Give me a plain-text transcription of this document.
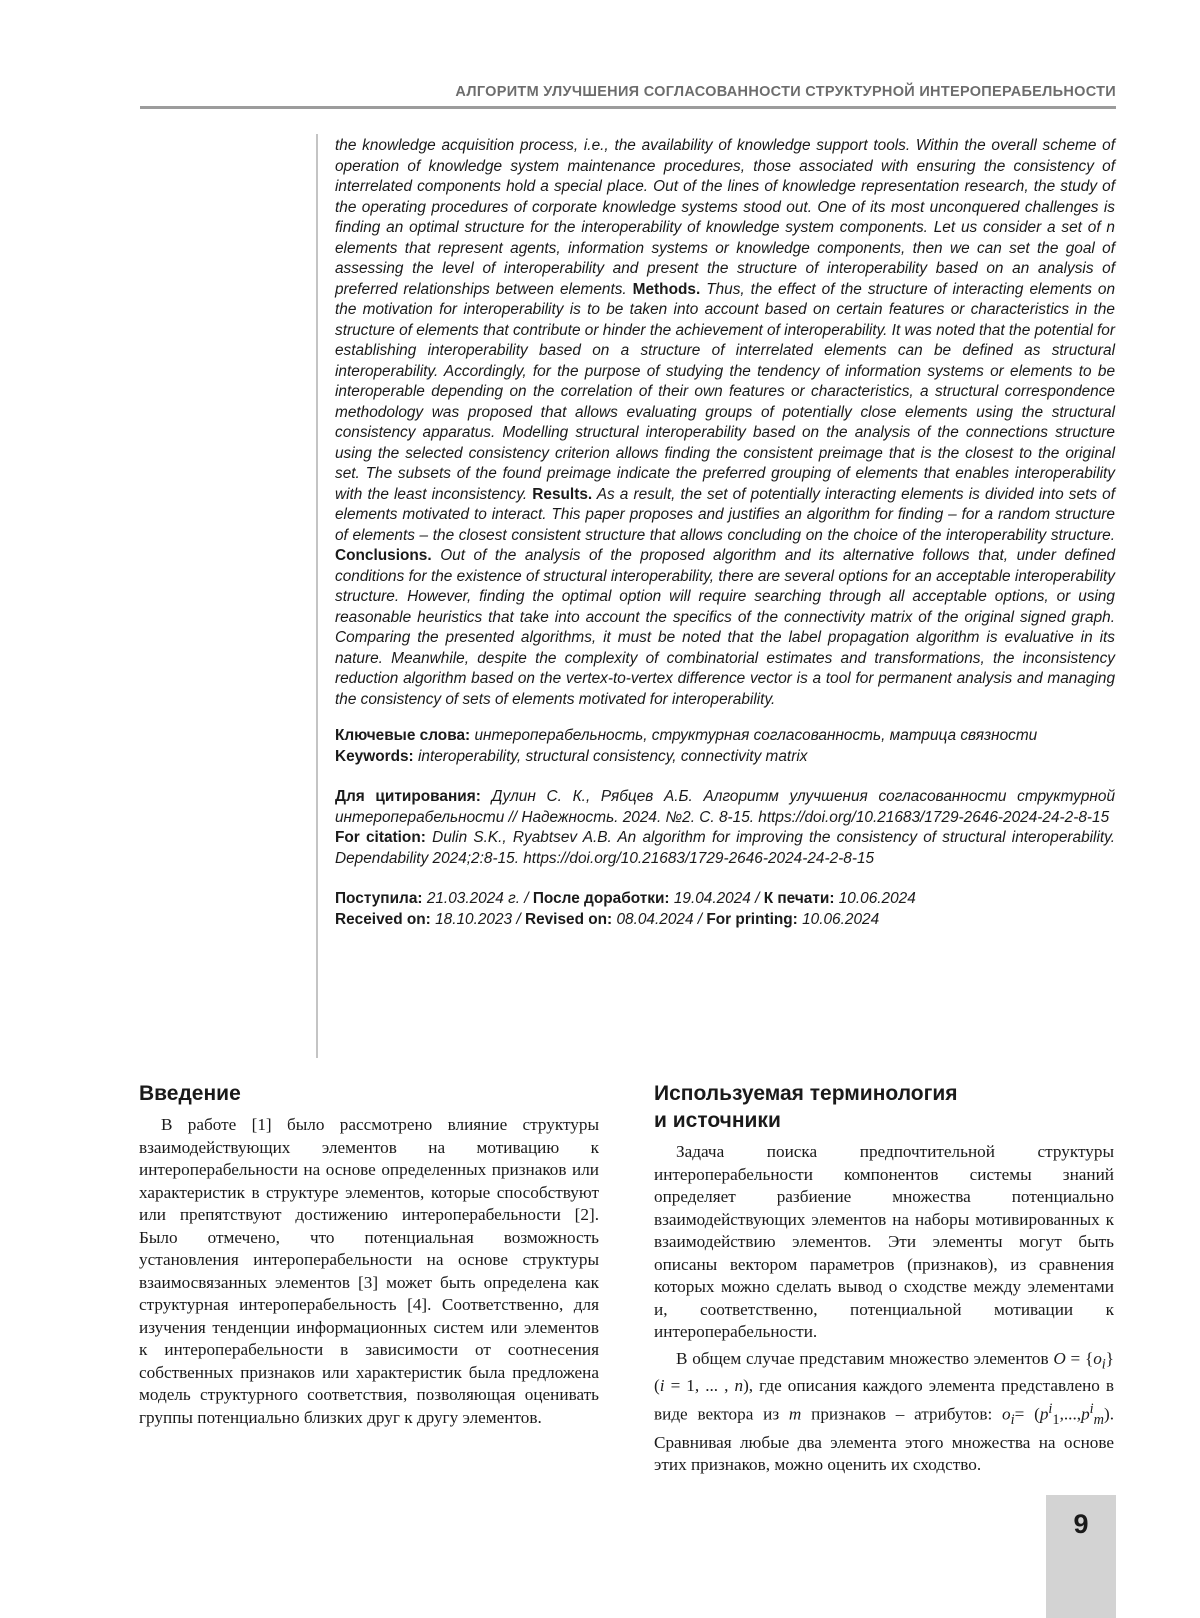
АЛГОРИТМ УЛУЧШЕНИЯ СОГЛАСОВАННОСТИ СТРУКТУРНОЙ ИНТЕРОПЕРАБЕЛЬНОСТИ

the knowledge acquisition process, i.e., the availability of knowledge support tools. Within the overall scheme of operation of knowledge system maintenance procedures, those associated with ensuring the consistency of interrelated components hold a special place. Out of the lines of knowledge representation research, the study of the operating procedures of corporate knowledge systems stood out. One of its most unconquered challenges is finding an optimal structure for the interoperability of knowledge system components. Let us consider a set of n elements that represent agents, information systems or knowledge components, then we can set the goal of assessing the level of interoperability and present the structure of interoperability based on an analysis of preferred relationships between elements. Methods. Thus, the effect of the structure of interacting elements on the motivation for interoperability is to be taken into account based on certain features or characteristics in the structure of elements that contribute or hinder the achievement of interoperability. It was noted that the potential for establishing interoperability based on a structure of interrelated elements can be defined as structural interoperability. Accordingly, for the purpose of studying the tendency of information systems or elements to be interoperable depending on the correlation of their own features or characteristics, a structural correspondence methodology was proposed that allows evaluating groups of potentially close elements using the structural consistency apparatus. Modelling structural interoperability based on the analysis of the connections structure using the selected consistency criterion allows finding the consistent preimage that is the closest to the original set. The subsets of the found preimage indicate the preferred grouping of elements that enables interoperability with the least inconsistency. Results. As a result, the set of potentially interacting elements is divided into sets of elements motivated to interact. This paper proposes and justifies an algorithm for finding – for a random structure of elements – the closest consistent structure that allows concluding on the choice of the interoperability structure. Conclusions. Out of the analysis of the proposed algorithm and its alternative follows that, under defined conditions for the existence of structural interoperability, there are several options for an acceptable interoperability structure. However, finding the optimal option will require searching through all acceptable options, or using reasonable heuristics that take into account the specifics of the connectivity matrix of the original signed graph. Comparing the presented algorithms, it must be noted that the label propagation algorithm is evaluative in its nature. Meanwhile, despite the complexity of combinatorial estimates and transformations, the inconsistency reduction algorithm based on the vertex-to-vertex difference vector is a tool for permanent analysis and managing the consistency of sets of elements motivated for interoperability.

Ключевые слова: интероперабельность, структурная согласованность, матрица связности

Keywords: interoperability, structural consistency, connectivity matrix

Для цитирования: Дулин С. К., Рябцев А.Б. Алгоритм улучшения согласованности структурной интероперабельности // Надежность. 2024. №2. С. 8-15. https://doi.org/10.21683/1729-2646-2024-24-2-8-15

For citation: Dulin S.K., Ryabtsev A.B. An algorithm for improving the consistency of structural interoperability. Dependability 2024;2:8-15. https://doi.org/10.21683/1729-2646-2024-24-2-8-15

Поступила: 21.03.2024 г. / После доработки: 19.04.2024 / К печати: 10.06.2024

Received on: 18.10.2023 / Revised on: 08.04.2024 / For printing: 10.06.2024

Введение

В работе [1] было рассмотрено влияние структуры взаимодействующих элементов на мотивацию к интероперабельности на основе определенных признаков или характеристик в структуре элементов, которые способствуют или препятствуют достижению интероперабельности [2]. Было отмечено, что потенциальная возможность установления интероперабельности на основе структуры взаимосвязанных элементов [3] может быть определена как структурная интероперабельность [4]. Соответственно, для изучения тенденции информационных систем или элементов к интероперабельности в зависимости от соотнесения собственных признаков или характеристик была предложена модель структурного соответствия, позволяющая оценивать группы потенциально близких друг к другу элементов.

Используемая терминология
и источники

Задача поиска предпочтительной структуры интероперабельности компонентов системы знаний определяет разбиение множества потенциально взаимодействующих элементов на наборы мотивированных к взаимодействию элементов. Эти элементы могут быть описаны вектором параметров (признаков), из сравнения которых можно сделать вывод о сходстве между элементами и, соответственно, потенциальной мотивации к интероперабельности.

В общем случае представим множество элементов $O = \{o_i\} (i = 1$, ... , n), где описания каждого элемента представлено в виде вектора из m признаков – атрибутов: $o_i= (p^i_1,...,p^i_m)$. Сравнивая любые два элемента этого множества на основе этих признаков, можно оценить их сходство.

9
